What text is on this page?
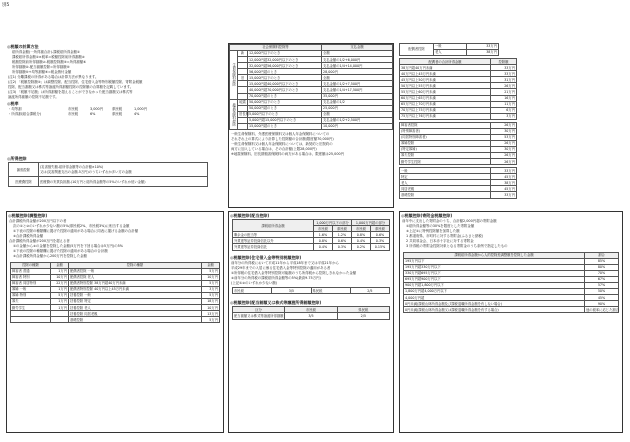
別5
◎税額の計算方法
総所得金額(一所得割合計)-課税総所得金額①
課税総所得金額①×税率=税額控除前所得割額②
税額控除前所得割額②-税額控除額③=所得割額④
所得割額④-配当割額控除=所得割額⑤
所得割額⑤+均等割額⑥=税金納付金額
(注1) 分離課税の所得がある場合は計算方法が異なります。
(注2) 「税額控除額③」は調整控除、配当控除、住宅借入金等特別税額控除、寄附金税額
控除、配当割額又は株式等譲渡所得割額控除の控除額の合算額を記載しています。
(注3) 「税額不足額」は所得割額を超えることができなかった配当割額又は株式等
譲渡所得割額の控除不足額です。
◎税率
・均等割	市民税	3,000円	県民税	1,000円
・所得割(総合課税分)	市民税	6%	県民税	4%
◎所得控除
雑損控除	(災害損失額-総所得金額等の合計額×10%)
又は(災害関連支出の金額-5万円)のうちいずれか多い方の金額

医療費控除	医療費の実質負担額-(10万円と総所得金額等の5%のいずれか低い金額)
社会保険料控除等			支払金額
生命保険料控除	新	12,000円以下のとき	全額
		12,000円超32,000円以下のとき	支払金額の1/2+6,000円
		32,000円超56,000円以下のとき	支払金額の1/4+14,000円
		56,000円超のとき	28,000円
	旧	15,000円以下のとき	全額
		15,000円超40,000円以下のとき	支払金額の1/2+7,500円
		40,000円超70,000円以下のとき	支払金額の1/4+17,500円
		70,000円超のとき	35,000円
地震保険料控除	地震	50,000円以下のとき	支払金額の1/2
		50,000円超のとき	25,000円
	旧長期	5,000円以下のとき	全額
		5,000円超15,000円以下のとき	支払金額の1/2+2,500円
		15,000円超のとき	10,000円
一般生命保険料、介護医療保険料又は個人年金保険料についての
それぞれ上の算式により計算した控除額の合計額(限度額70,000円)
一般生命保険料又は個人年金保険料については、新契約と旧契約の
両方に加入している場合は、その合計額(上限28,000円)
※地震保険料、旧長期損害保険料の両方がある場合は、限度額は25,000円
配偶者控除	一般	33万円
	老人	38万円
配偶者の合計所得金額	控除額
38万円超40万円未満	33万円
40万円以上45万円未満	33万円
45万円以上50万円未満	31万円
50万円以上55万円未満	26万円
55万円以上60万円未満	21万円
60万円以上65万円未満	16万円
65万円以上70万円未満	11万円
70万円以上75万円未満	6万円
75万円以上76万円未満	3万円
障害者控除	26万円
(特別障害者)	30万円
(同居特別障害者)	53万円
寡婦控除	26万円
(特定寡婦)	30万円
寡夫控除	26万円
勤労学生控除	26万円
一般	33万円
特定	45万円
老人	38万円
同居老親	45万円
基礎控除	33万円
◎税額控除(調整控除)
合計課税所得金額が200万円以下の者
次の①と②のいずれか少ない額の5%(県民税2%、市民税3%)に相当する金額
①下表の控除の種類欄に掲げた控除の適用がある場合に同表に掲げる金額の合計額
②合計課税所得金額
合計課税所得金額が200万円を超える者
①の金額から②の金額を控除した金額(5万円を下回る場合は5万円)の5%
①下表の控除の種類欄に掲げた控除の適用がある場合の合計額
②合計課税所得金額から200万円を控除した金額
控除の種類	金額	控除の種類	金額
障害者 普通	1万円	配偶者控除 一般	5万円
障害者 特別	10万円	配偶者控除 老人	10万円
障害者 同居特別	22万円	配偶者特別控除 38万円超40万円未満	5万円
寡婦 一般	1万円	配偶者特別控除 40万円以上45万円未満	3万円
寡婦 特別	5万円	扶養控除 一般	5万円
寡夫	1万円	扶養控除 特定	18万円
勤労学生	1万円	扶養控除 老人	10万円
		扶養控除 同居老親	13万円
		基礎控除	5万円
◎税額控除(配当控除)
課税総所得金額	1,000万円以下の部分		1,000万円超の部分	
	市民税	県民税	市民税	県民税
剰余金の配当等	1.6%	1.2%	0.8%	0.6%
外貨建等証券投資信託以外	0.8%	0.6%	0.4%	0.3%
外貨建等証券投資信託	0.4%	0.3%	0.2%	0.15%
◎税額控除(住宅借入金等特別税額控除)
前年分の所得税において平成11年から平成18年まで又は平成21年から
平成29年までの入居に係る住宅借入金等特別控除の適用がある者
①所得税の住宅借入金等特別控除可能額のうち所得税から控除しきれなかった金額
②前年分の所得税の課税総所得金額等の5%(最高9.75万円)
(上記①②のいずれか少ない額)
市民税	3/5	県民税	2/5
◎税額控除(配当割額又は株式等譲渡所得割額控除)
区分	市民税	県民税
配当割額又は株式等譲渡所得割額	3/5	2/5
◎税額控除(寄附金税額控除)
前年中に支出した寄附金のうち、合計額2,000円超の寄附金額
①総所得金額等の30%を限度とした寄附金額
②上記①に特例控除額を加算した額
1 都道府県、市町村に対する寄附金(ふるさと納税)
2 共同募金会、日本赤十字社に対する寄附金
3 所得税の寄附金控除対象となる寄附金のうち条例で指定したもの
課税総所得金額から人的控除差調整額を控除した金額	割合
195万円以下	85%
195万円超330万円以下	80%
330万円超695万円以下	70%
695万円超900万円以下	67%
900万円超1,800万円以下	57%
1,800万円超4,000万円以下	50%
4,000万円超	45%
0円未満(課税山林所得金額及び課税退職所得金額を有しない場合)	90%
0円未満(課税山林所得金額又は課税退職所得金額を有する場合)	他の税率に応じた割合
